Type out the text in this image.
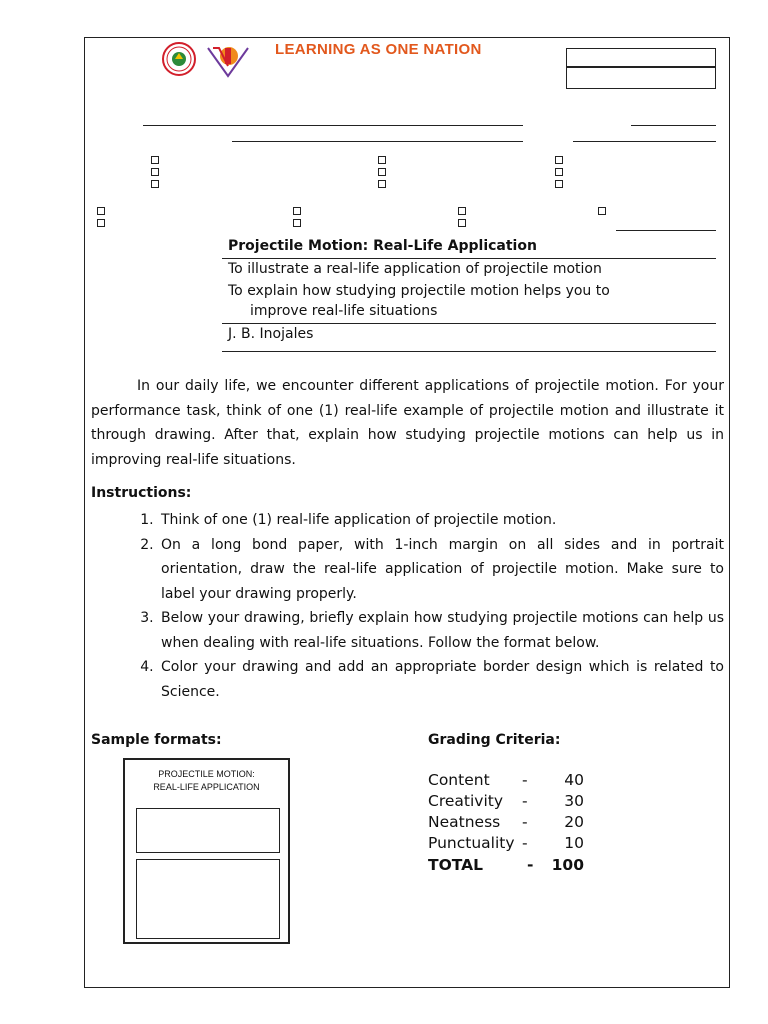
LEARNING AS ONE NATION
Projectile Motion: Real-Life Application
To illustrate a real-life application of projectile motion
To explain how studying projectile motion helps you to
improve real-life situations
J. B. Inojales

In our daily life, we encounter different applications of projectile motion. For your performance task, think of one (1) real-life example of projectile motion and illustrate it through drawing. After that, explain how studying projectile motions can help us in improving real-life situations.

Instructions:
1. Think of one (1) real-life application of projectile motion.
2. On a long bond paper, with 1-inch margin on all sides and in portrait orientation, draw the real-life application of projectile motion. Make sure to label your drawing properly.
3. Below your drawing, briefly explain how studying projectile motions can help us when dealing with real-life situations. Follow the format below.
4. Color your drawing and add an appropriate border design which is related to Science.
Sample formats:	Grading Criteria:
PROJECTILE MOTION:
REAL-LIFE APPLICATION	Content -	40
Creativity -	30
Neatness -	20
Punctuality -	10
TOTAL	- 100
